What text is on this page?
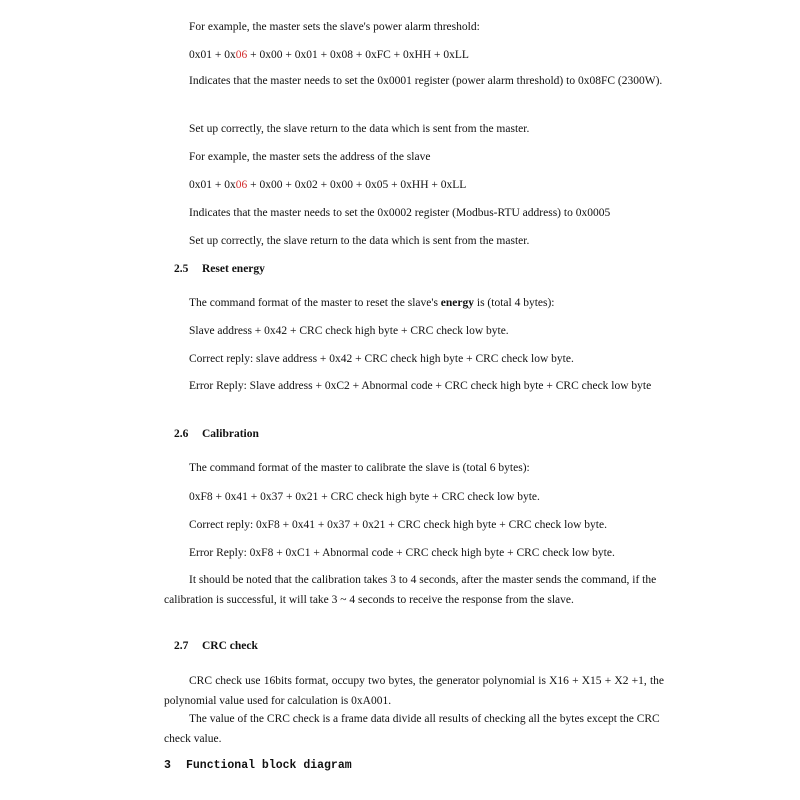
For example, the master sets the slave's power alarm threshold:
0x01 + 0x06 + 0x00 + 0x01 + 0x08 + 0xFC + 0xHH + 0xLL
Indicates that the master needs to set the 0x0001 register (power alarm threshold) to 0x08FC (2300W).
Set up correctly, the slave return to the data which is sent from the master.
For example, the master sets the address of the slave
0x01 + 0x06 + 0x00 + 0x02 + 0x00 + 0x05 + 0xHH + 0xLL
Indicates that the master needs to set the 0x0002 register (Modbus-RTU address) to 0x0005
Set up correctly, the slave return to the data which is sent from the master.
2.5 Reset energy
The command format of the master to reset the slave's energy is (total 4 bytes):
Slave address + 0x42 + CRC check high byte + CRC check low byte.
Correct reply: slave address + 0x42 + CRC check high byte + CRC check low byte.
Error Reply: Slave address + 0xC2 + Abnormal code + CRC check high byte + CRC check low byte
2.6 Calibration
The command format of the master to calibrate the slave is (total 6 bytes):
0xF8 + 0x41 + 0x37 + 0x21 + CRC check high byte + CRC check low byte.
Correct reply: 0xF8 + 0x41 + 0x37 + 0x21 + CRC check high byte + CRC check low byte.
Error Reply: 0xF8 + 0xC1 + Abnormal code + CRC check high byte + CRC check low byte.
It should be noted that the calibration takes 3 to 4 seconds, after the master sends the command, if the calibration is successful, it will take 3 ~ 4 seconds to receive the response from the slave.
2.7 CRC check
CRC check use 16bits format, occupy two bytes, the generator polynomial is X16 + X15 + X2 +1, the polynomial value used for calculation is 0xA001.
The value of the CRC check is a frame data divide all results of checking all the bytes except the CRC check value.
3 Functional block diagram
